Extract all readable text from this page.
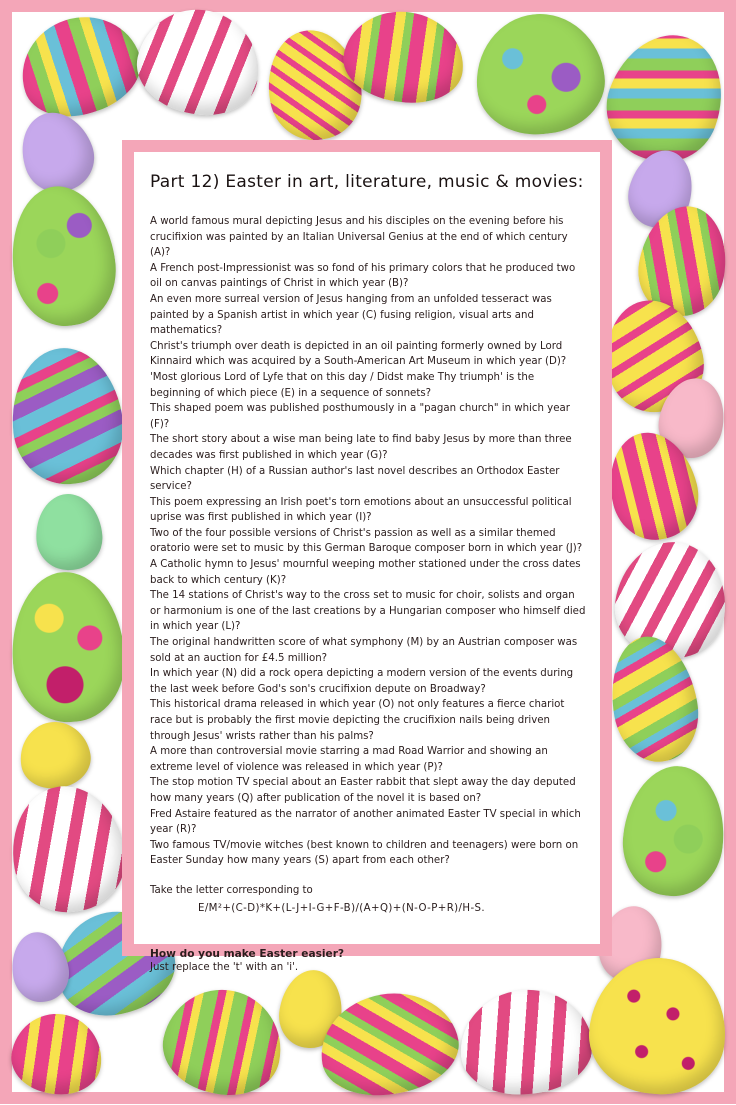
Part 12) Easter in art, literature, music & movies:

A world famous mural depicting Jesus and his disciples on the evening before his crucifixion was painted by an Italian Universal Genius at the end of which century (A)?

A French post-Impressionist was so fond of his primary colors that he produced two oil on canvas paintings of Christ in which year (B)?

An even more surreal version of Jesus hanging from an unfolded tesseract was painted by a Spanish artist in which year (C) fusing religion, visual arts and mathematics?

Christ's triumph over death is depicted in an oil painting formerly owned by Lord Kinnaird which was acquired by a South-American Art Museum in which year (D)?

'Most glorious Lord of Lyfe that on this day / Didst make Thy triumph' is the beginning of which piece (E) in a sequence of sonnets?

This shaped poem was published posthumously in a "pagan church" in which year (F)?

The short story about a wise man being late to find baby Jesus by more than three decades was first published in which year (G)?

Which chapter (H) of a Russian author's last novel describes an Orthodox Easter service?

This poem expressing an Irish poet's torn emotions about an unsuccessful political uprise was first published in which year (I)?

Two of the four possible versions of Christ's passion as well as a similar themed oratorio were set to music by this German Baroque composer born in which year (J)?

A Catholic hymn to Jesus' mournful weeping mother stationed under the cross dates back to which century (K)?

The 14 stations of Christ's way to the cross set to music for choir, solists and organ or harmonium is one of the last creations by a Hungarian composer who himself died in which year (L)?

The original handwritten score of what symphony (M) by an Austrian composer was sold at an auction for £4.5 million?

In which year (N) did a rock opera depicting a modern version of the events during the last week before God's son's crucifixion depute on Broadway?

This historical drama released in which year (O) not only features a fierce chariot race but is probably the first movie depicting the crucifixion nails being driven through Jesus' wrists rather than his palms?

A more than controversial movie starring a mad Road Warrior and showing an extreme level of violence was released in which year (P)?

The stop motion TV special about an Easter rabbit that slept away the day deputed how many years (Q) after publication of the novel it is based on?

Fred Astaire featured as the narrator of another animated Easter TV special in which year (R)?

Two famous TV/movie witches (best known to children and teenagers) were born on Easter Sunday how many years (S) apart from each other?

Take the letter corresponding to

E/M²+(C-D)*K+(L-J+I-G+F-B)/(A+Q)+(N-O-P+R)/H-S.

How do you make Easter easier?

Just replace the 't' with an 'i'.
